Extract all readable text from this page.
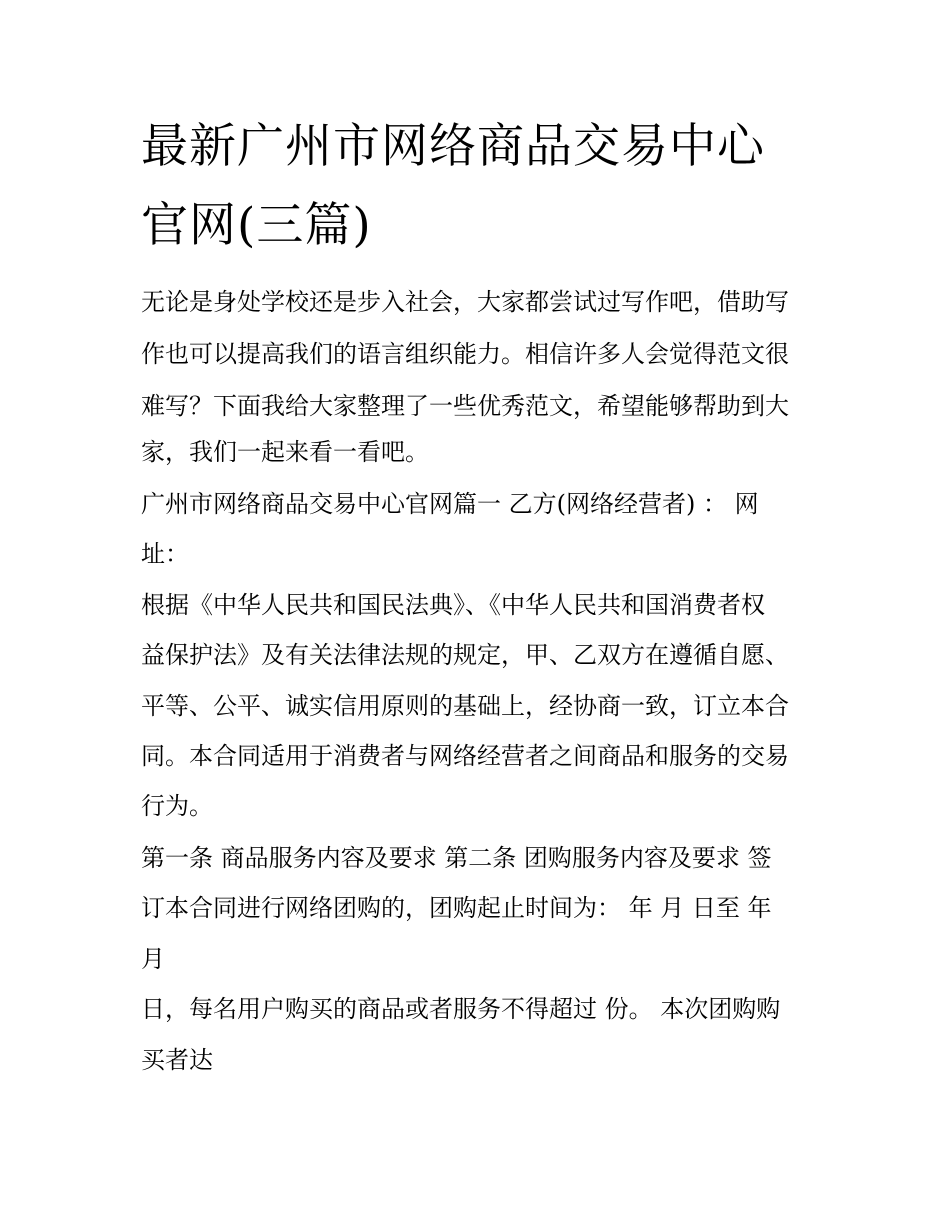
最新广州市网络商品交易中心
官网(三篇)
无论是身处学校还是步入社会，大家都尝试过写作吧，借助写
作也可以提高我们的语言组织能力。相信许多人会觉得范文很
难写？下面我给大家整理了一些优秀范文，希望能够帮助到大
家，我们一起来看一看吧。
广州市网络商品交易中心官网篇一 乙方(网络经营者) ： 网
址：
根据《中华人民共和国民法典》、《中华人民共和国消费者权
益保护法》及有关法律法规的规定，甲、乙双方在遵循自愿、
平等、公平、诚实信用原则的基础上，经协商一致，订立本合
同。本合同适用于消费者与网络经营者之间商品和服务的交易
行为。
第一条 商品服务内容及要求 第二条 团购服务内容及要求 签
订本合同进行网络团购的，团购起止时间为： 年 月 日至 年
月
日，每名用户购买的商品或者服务不得超过 份。 本次团购购
买者达
